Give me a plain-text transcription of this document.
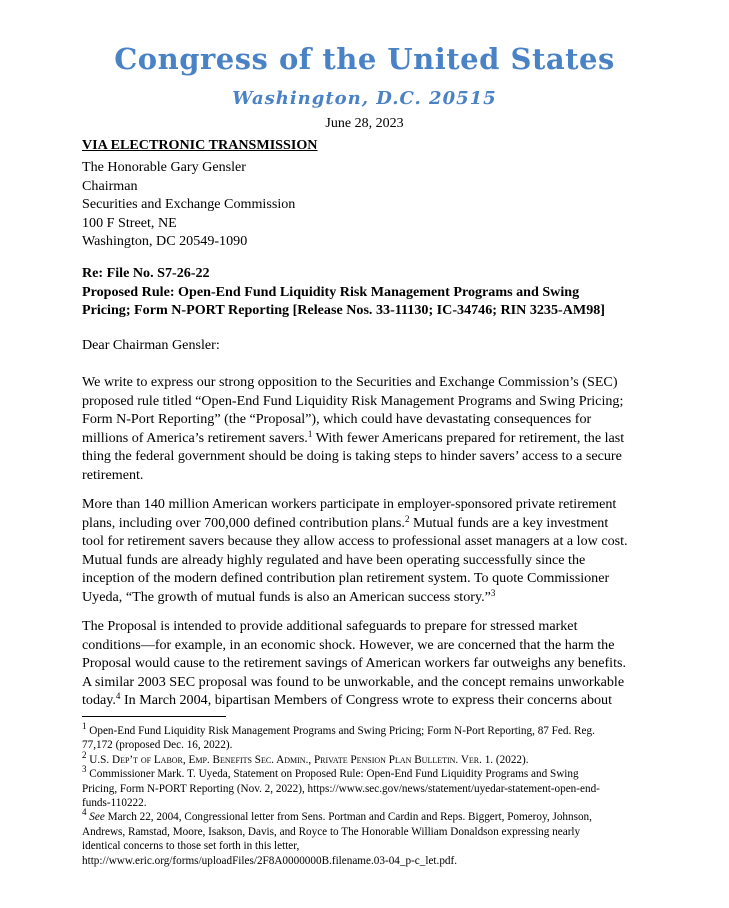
Congress of the United States
Washington, D.C. 20515
June 28, 2023
VIA ELECTRONIC TRANSMISSION
The Honorable Gary Gensler
Chairman
Securities and Exchange Commission
100 F Street, NE
Washington, DC 20549-1090
Re: File No. S7-26-22
Proposed Rule: Open-End Fund Liquidity Risk Management Programs and Swing
Pricing; Form N-PORT Reporting [Release Nos. 33-11130; IC-34746; RIN 3235-AM98]
Dear Chairman Gensler:
We write to express our strong opposition to the Securities and Exchange Commission’s (SEC)
proposed rule titled “Open-End Fund Liquidity Risk Management Programs and Swing Pricing;
Form N-Port Reporting” (the “Proposal”), which could have devastating consequences for
millions of America’s retirement savers.$^1$ With fewer Americans prepared for retirement, the last
thing the federal government should be doing is taking steps to hinder savers’ access to a secure
retirement.
More than 140 million American workers participate in employer-sponsored private retirement
plans, including over 700,000 defined contribution plans.$^2$ Mutual funds are a key investment
tool for retirement savers because they allow access to professional asset managers at a low cost.
Mutual funds are already highly regulated and have been operating successfully since the
inception of the modern defined contribution plan retirement system. To quote Commissioner
Uyeda, “The growth of mutual funds is also an American success story.”$^3$
The Proposal is intended to provide additional safeguards to prepare for stressed market
conditions—for example, in an economic shock. However, we are concerned that the harm the
Proposal would cause to the retirement savings of American workers far outweighs any benefits.
A similar 2003 SEC proposal was found to be unworkable, and the concept remains unworkable
today.$^4$ In March 2004, bipartisan Members of Congress wrote to express their concerns about
$^1$ Open-End Fund Liquidity Risk Management Programs and Swing Pricing; Form N-Port Reporting, 87 Fed. Reg.
77,172 (proposed Dec. 16, 2022).
$^2$ U.S. Dep’t of Labor, Emp. Benefits Sec. Admin., Private Pension Plan Bulletin. Ver. 1. (2022).
$^3$ Commissioner Mark. T. Uyeda, Statement on Proposed Rule: Open-End Fund Liquidity Programs and Swing
Pricing, Form N-PORT Reporting (Nov. 2, 2022), https://www.sec.gov/news/statement/uyedar-statement-open-end-
funds-110222.
$^4$ See March 22, 2004, Congressional letter from Sens. Portman and Cardin and Reps. Biggert, Pomeroy, Johnson,
Andrews, Ramstad, Moore, Isakson, Davis, and Royce to The Honorable William Donaldson expressing nearly
identical concerns to those set forth in this letter,
http://www.eric.org/forms/uploadFiles/2F8A0000000B.filename.03-04_p-c_let.pdf.
